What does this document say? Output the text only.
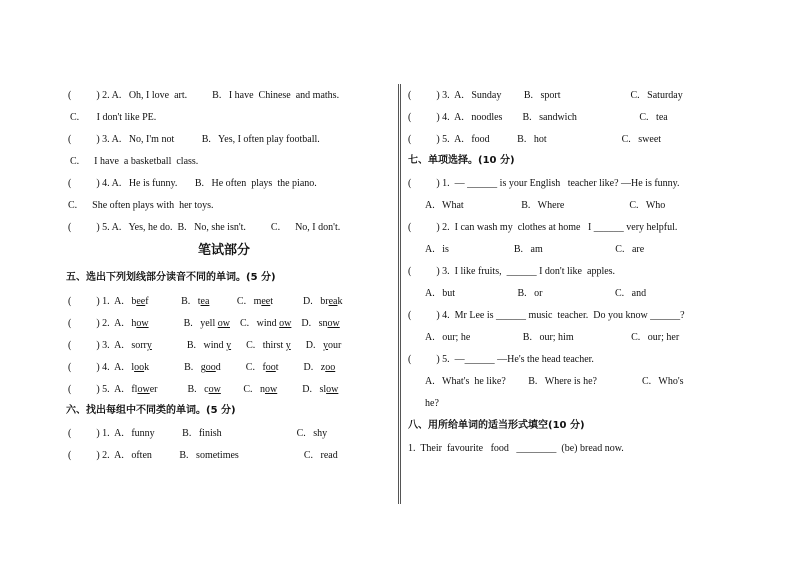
(          ) 2. A.   Oh, I love  art.          B.   I have  Chinese  and maths.
C.       I don't like PE.
(          ) 3. A.   No, I'm not           B.   Yes, I often play football.
C.      I have  a basketball  class.
(          ) 4. A.   He is funny.       B.   He often  plays  the piano.
C.      She often plays with  her toys.
(          ) 5. A.   Yes, he do.  B.   No, she isn't.          C.      No, I don't.
笔试部分
五、选出下列划线部分读音不同的单词。(5 分)
(          ) 1.  A.   beef             B.   tea           C.   meet            D.   break
(          ) 2.  A.   how              B.   yell ow    C.   wind ow    D.   snow
(          ) 3.  A.   sorry              B.   wind y      C.   thirst y      D.   your
(          ) 4.  A.   look              B.   good          C.   foot          D.   zoo
(          ) 5.  A.   flower            B.   cow         C.   now          D.   slow
六、找出每组中不同类的单词。(5 分)
(          ) 1.  A.   funny           B.   finish                              C.   shy
(          ) 2.  A.   often           B.   sometimes                          C.   read
(          ) 3.  A.   Sunday         B.   sport                            C.   Saturday
(          ) 4.  A.   noodles        B.   sandwich                         C.   tea
(          ) 5.  A.   food           B.   hot                              C.   sweet
七、单项选择。(10 分)
(          ) 1.  — ______ is your English   teacher like? —He is funny.
A.   What                       B.   Where                          C.   Who
(          ) 2.  I can wash my  clothes at home   I ______ very helpful.
A.   is                          B.   am                             C.   are
(          ) 3.  I like fruits,  ______ I don't like  apples.
A.   but                         B.   or                             C.   and
(          ) 4.  Mr Lee is ______ music  teacher.  Do you know ______?
A.   our; he                     B.   our; him                       C.   our; her
(          ) 5.  —______ —He's the head teacher.
A.   What's  he like?         B.   Where is he?                  C.   Who's
he?
八、用所给单词的适当形式填空(10 分)
1.  Their  favourite   food   ________  (be) bread now.
